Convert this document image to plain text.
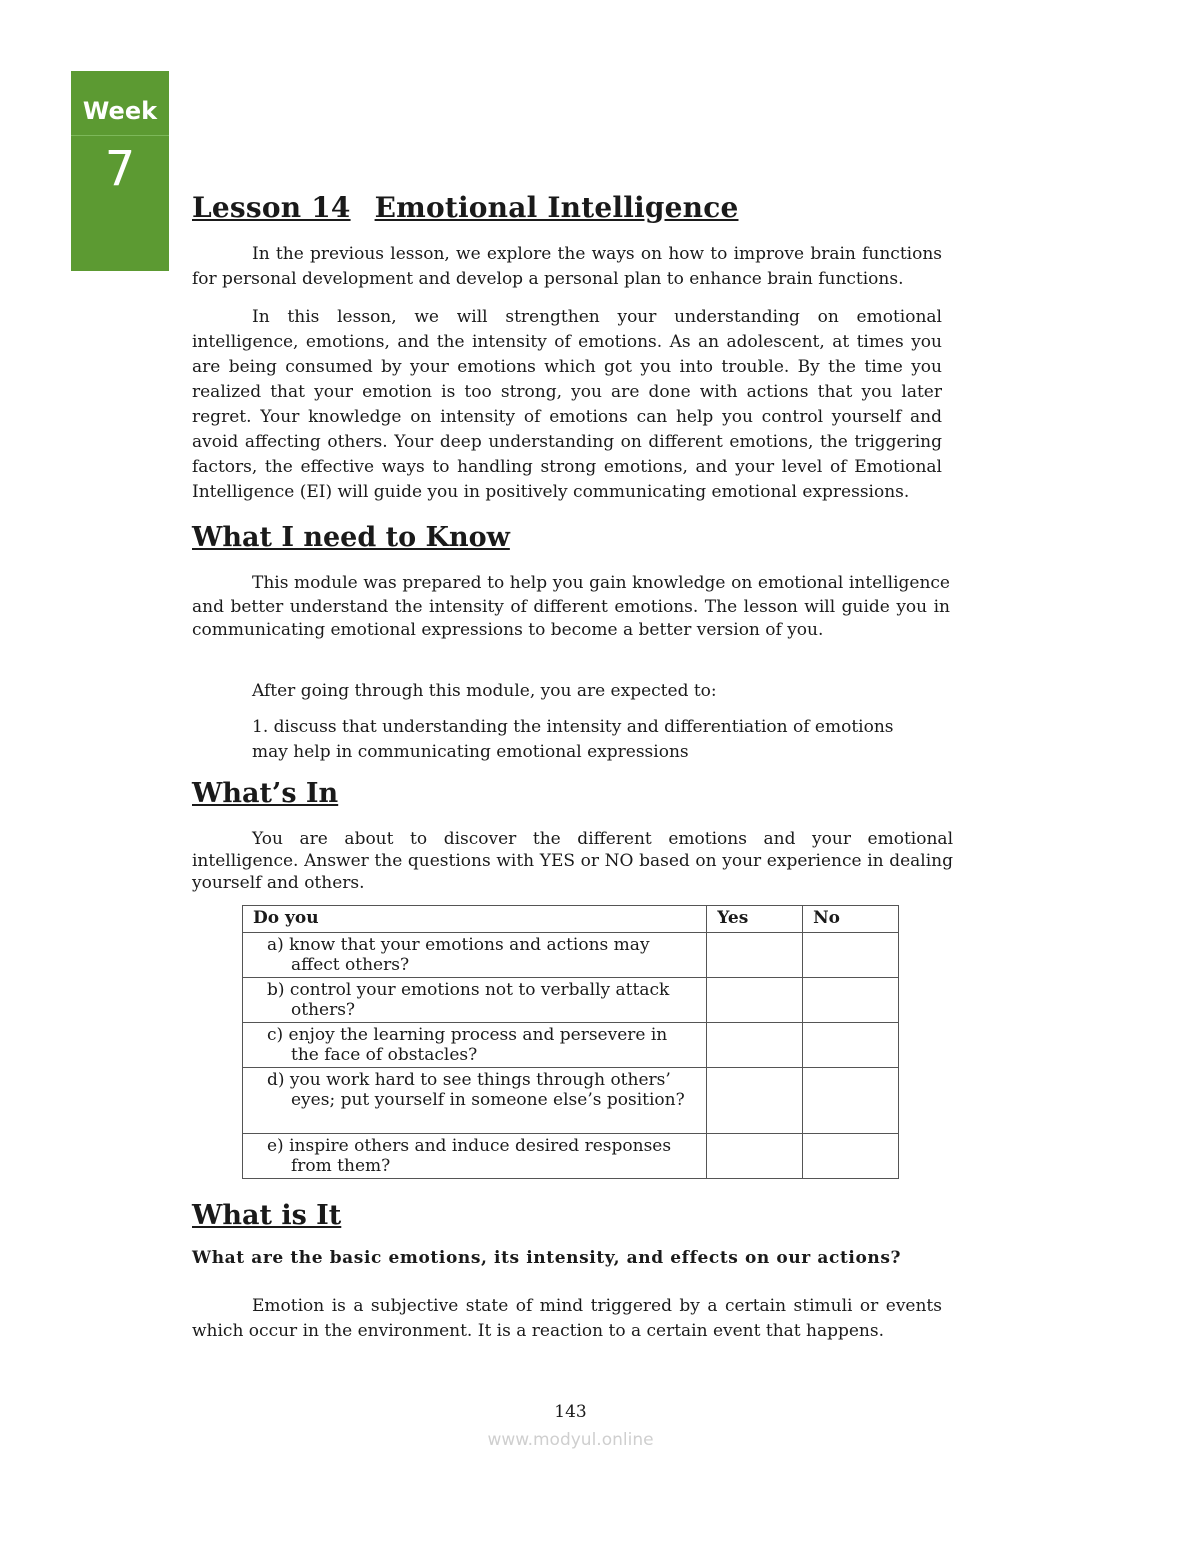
Week
7
Lesson 14 Emotional Intelligence

In the previous lesson, we explore the ways on how to improve brain functions for personal development and develop a personal plan to enhance brain functions.

In this lesson, we will strengthen your understanding on emotional intelligence, emotions, and the intensity of emotions. As an adolescent, at times you are being consumed by your emotions which got you into trouble. By the time you realized that your emotion is too strong, you are done with actions that you later regret. Your knowledge on intensity of emotions can help you control yourself and avoid affecting others. Your deep understanding on different emotions, the triggering factors, the effective ways to handling strong emotions, and your level of Emotional Intelligence (EI) will guide you in positively communicating emotional expressions.

What I need to Know

This module was prepared to help you gain knowledge on emotional intelligence and better understand the intensity of different emotions. The lesson will guide you in communicating emotional expressions to become a better version of you.

After going through this module, you are expected to:

1. discuss that understanding the intensity and differentiation of emotions may help in communicating emotional expressions

What’s In

You are about to discover the different emotions and your emotional intelligence. Answer the questions with YES or NO based on your experience in dealing yourself and others.

Do you	Yes	No
a) know that your emotions and actions may
affect others?		

b) control your emotions not to verbally attack
others?		

c) enjoy the learning process and persevere in
the face of obstacles?		

d) you work hard to see things through others’
eyes; put yourself in someone else’s position?		

e) inspire others and induce desired responses
from them?		

What is It

What are the basic emotions, its intensity, and effects on our actions?

Emotion is a subjective state of mind triggered by a certain stimuli or events which occur in the environment. It is a reaction to a certain event that happens.

143
www.modyul.online
